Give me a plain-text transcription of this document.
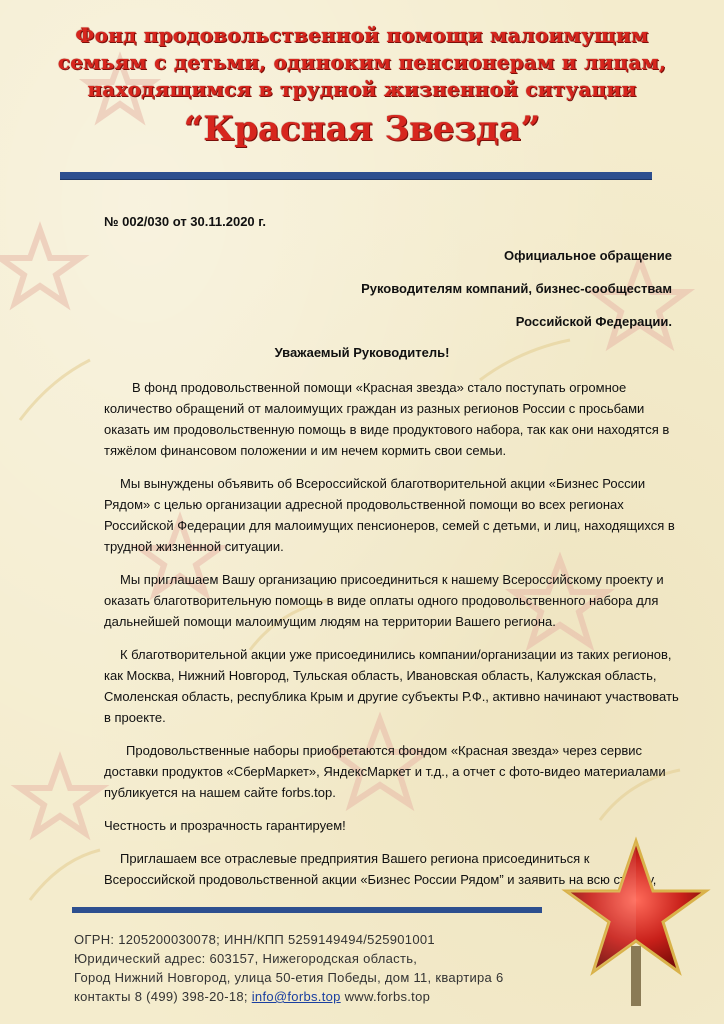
Фонд продовольственной помощи малоимущим
семьям с детьми, одиноким пенсионерам и лицам,
находящимся в трудной жизненной ситуации
“Красная Звезда”
№ 002/030 от 30.11.2020 г.
Официальное обращение
Руководителям компаний, бизнес-сообществам
Российской Федерации.
Уважаемый Руководитель!

В фонд продовольственной помощи «Красная звезда» стало поступать огромное количество обращений от малоимущих граждан из разных регионов России с просьбами оказать им продовольственную помощь в виде продуктового набора, так как они находятся в тяжёлом финансовом положении и им нечем кормить свои семьи.

Мы вынуждены объявить об Всероссийской благотворительной акции «Бизнес России Рядом» с целью организации адресной продовольственной помощи во всех регионах Российской Федерации для малоимущих пенсионеров, семей с детьми, и лиц, находящихся в трудной жизненной ситуации.

Мы приглашаем Вашу организацию присоединиться к нашему Всероссийскому проекту и оказать благотворительную помощь в виде оплаты одного продовольственного набора для дальнейшей помощи малоимущим людям на территории Вашего региона.

К благотворительной акции уже присоединились компании/организации из таких регионов, как Москва, Нижний Новгород, Тульская область, Ивановская область, Калужская область, Смоленская область, республика Крым и другие субъекты Р.Ф., активно начинают участвовать в проекте.

Продовольственные наборы приобретаются фондом «Красная звезда» через сервис доставки продуктов «СберМаркет», ЯндексМаркет и т.д., а отчет с фото-видео материалами публикуется на нашем сайте forbs.top.

Честность и прозрачность гарантируем!

Приглашаем все отраслевые предприятия Вашего региона присоединиться к Всероссийской продовольственной акции «Бизнес России Рядом” и заявить на всю страну,

ОГРН: 1205200030078; ИНН/КПП 5259149494/525901001
Юридический адрес: 603157, Нижегородская область,
Город Нижний Новгород, улица 50-етия Победы, дом 11, квартира 6
контакты 8 (499) 398-20-18; info@forbs.top www.forbs.top
